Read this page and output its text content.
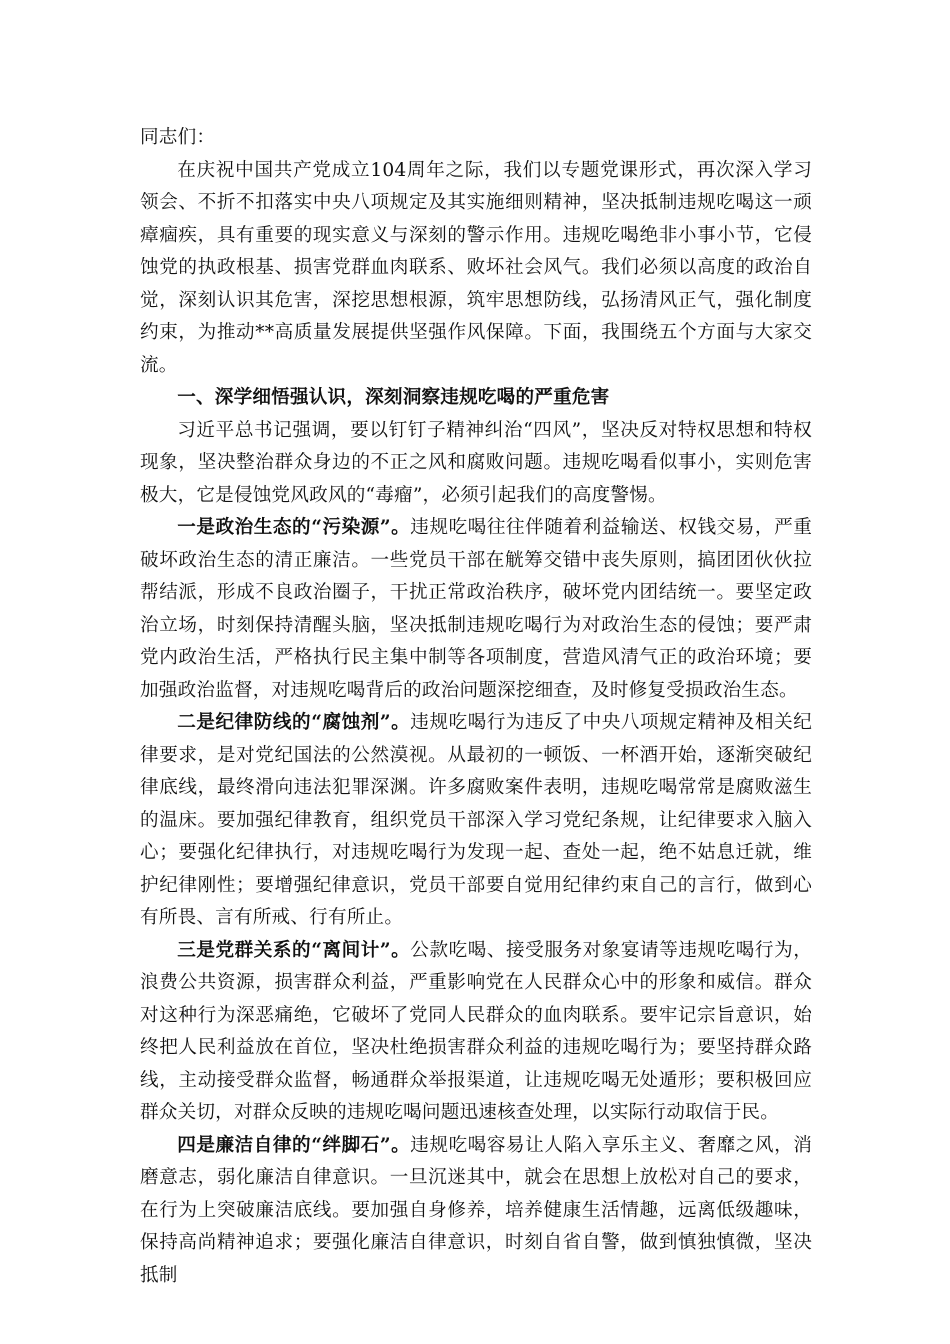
同志们：

在庆祝中国共产党成立104周年之际，我们以专题党课形式，再次深入学习领会、不折不扣落实中央八项规定及其实施细则精神，坚决抵制违规吃喝这一顽瘴痼疾，具有重要的现实意义与深刻的警示作用。违规吃喝绝非小事小节，它侵蚀党的执政根基、损害党群血肉联系、败坏社会风气。我们必须以高度的政治自觉，深刻认识其危害，深挖思想根源，筑牢思想防线，弘扬清风正气，强化制度约束，为推动**高质量发展提供坚强作风保障。下面，我围绕五个方面与大家交流。

一、深学细悟强认识，深刻洞察违规吃喝的严重危害

习近平总书记强调，要以钉钉子精神纠治“四风”，坚决反对特权思想和特权现象，坚决整治群众身边的不正之风和腐败问题。违规吃喝看似事小，实则危害极大，它是侵蚀党风政风的“毒瘤”，必须引起我们的高度警惕。

一是政治生态的“污染源”。违规吃喝往往伴随着利益输送、权钱交易，严重破坏政治生态的清正廉洁。一些党员干部在觥筹交错中丧失原则，搞团团伙伙拉帮结派，形成不良政治圈子，干扰正常政治秩序，破坏党内团结统一。要坚定政治立场，时刻保持清醒头脑，坚决抵制违规吃喝行为对政治生态的侵蚀；要严肃党内政治生活，严格执行民主集中制等各项制度，营造风清气正的政治环境；要加强政治监督，对违规吃喝背后的政治问题深挖细查，及时修复受损政治生态。

二是纪律防线的“腐蚀剂”。违规吃喝行为违反了中央八项规定精神及相关纪律要求，是对党纪国法的公然漠视。从最初的一顿饭、一杯酒开始，逐渐突破纪律底线，最终滑向违法犯罪深渊。许多腐败案件表明，违规吃喝常常是腐败滋生的温床。要加强纪律教育，组织党员干部深入学习党纪条规，让纪律要求入脑入心；要强化纪律执行，对违规吃喝行为发现一起、查处一起，绝不姑息迁就，维护纪律刚性；要增强纪律意识，党员干部要自觉用纪律约束自己的言行，做到心有所畏、言有所戒、行有所止。

三是党群关系的“离间计”。公款吃喝、接受服务对象宴请等违规吃喝行为，浪费公共资源，损害群众利益，严重影响党在人民群众心中的形象和威信。群众对这种行为深恶痛绝，它破坏了党同人民群众的血肉联系。要牢记宗旨意识，始终把人民利益放在首位，坚决杜绝损害群众利益的违规吃喝行为；要坚持群众路线，主动接受群众监督，畅通群众举报渠道，让违规吃喝无处遁形；要积极回应群众关切，对群众反映的违规吃喝问题迅速核查处理，以实际行动取信于民。

四是廉洁自律的“绊脚石”。违规吃喝容易让人陷入享乐主义、奢靡之风，消磨意志，弱化廉洁自律意识。一旦沉迷其中，就会在思想上放松对自己的要求，在行为上突破廉洁底线。要加强自身修养，培养健康生活情趣，远离低级趣味，保持高尚精神追求；要强化廉洁自律意识，时刻自省自警，做到慎独慎微，坚决抵制
